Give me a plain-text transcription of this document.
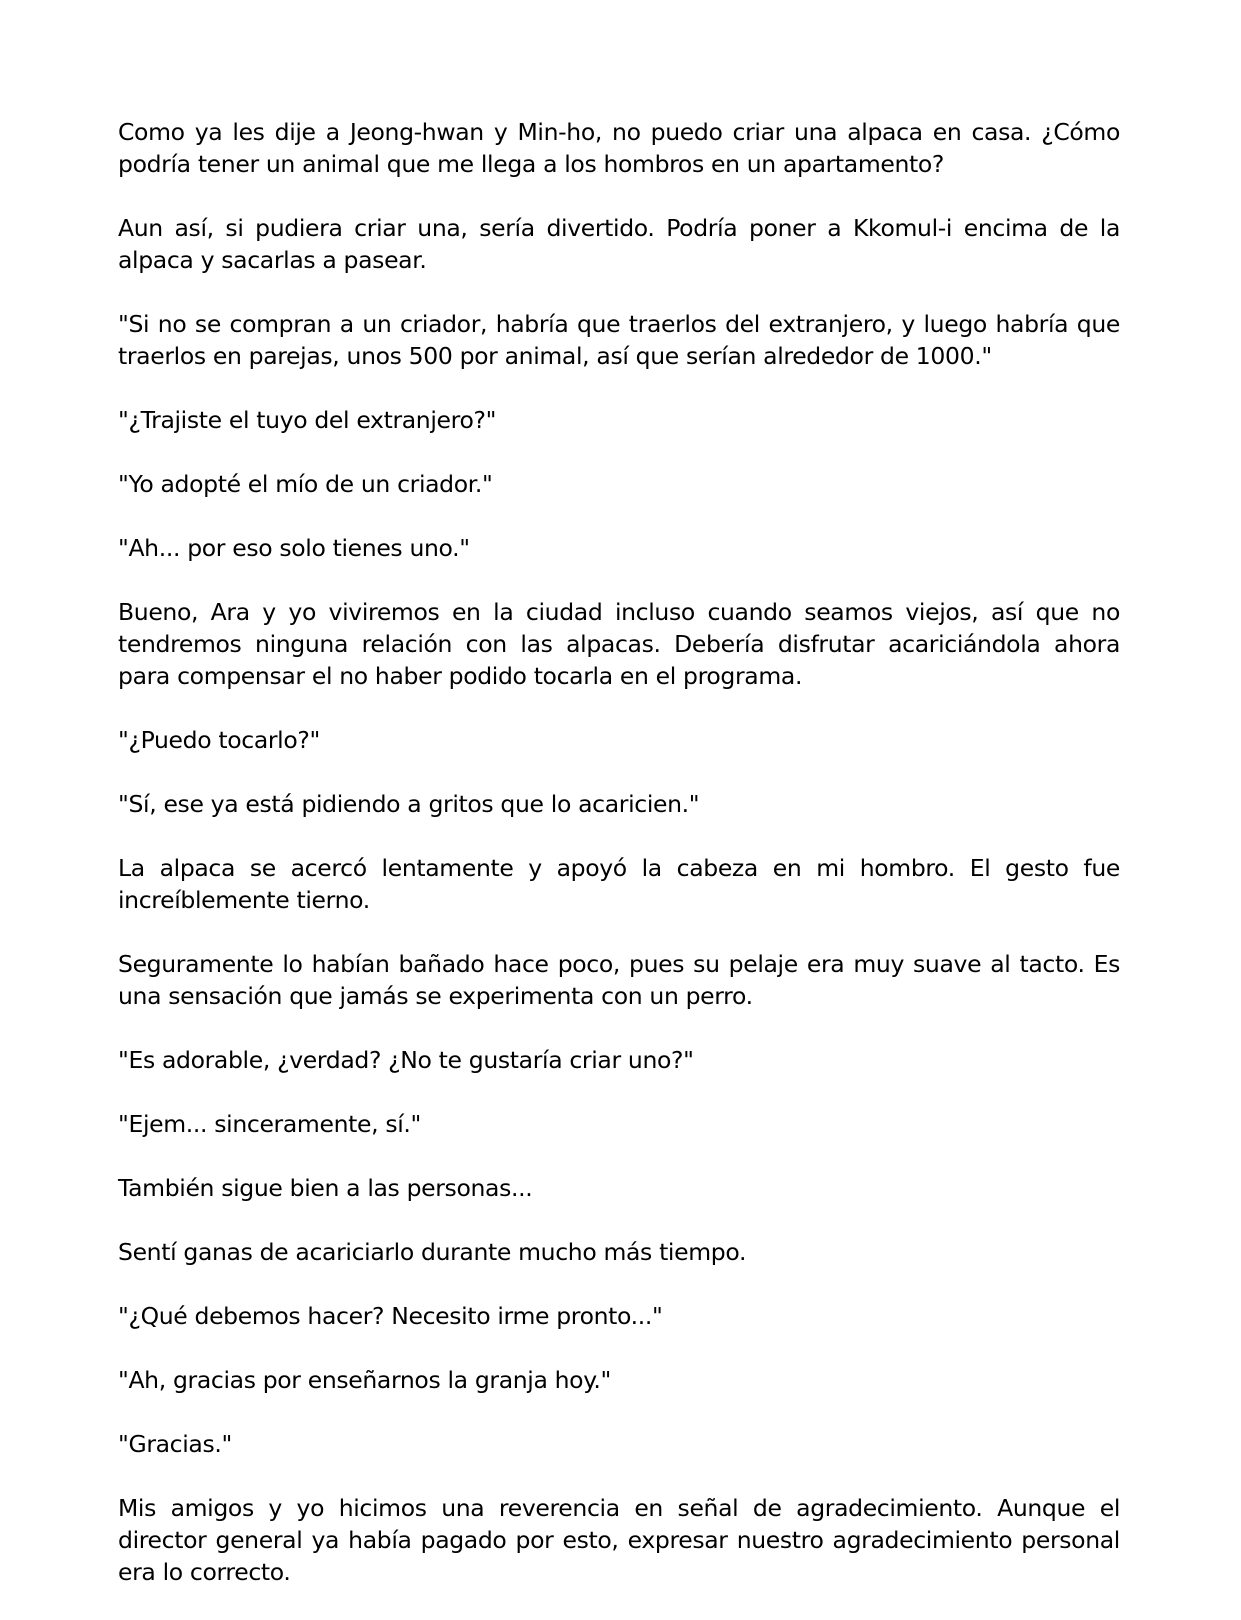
Como ya les dije a Jeong-hwan y Min-ho, no puedo criar una alpaca en casa. ¿Cómo podría tener un animal que me llega a los hombros en un apartamento?

Aun así, si pudiera criar una, sería divertido. Podría poner a Kkomul-i encima de la alpaca y sacarlas a pasear.

"Si no se compran a un criador, habría que traerlos del extranjero, y luego habría que traerlos en parejas, unos 500 por animal, así que serían alrededor de 1000."

"¿Trajiste el tuyo del extranjero?"

"Yo adopté el mío de un criador."

"Ah... por eso solo tienes uno."

Bueno, Ara y yo viviremos en la ciudad incluso cuando seamos viejos, así que no tendremos ninguna relación con las alpacas. Debería disfrutar acariciándola ahora para compensar el no haber podido tocarla en el programa.

"¿Puedo tocarlo?"

"Sí, ese ya está pidiendo a gritos que lo acaricien."

La alpaca se acercó lentamente y apoyó la cabeza en mi hombro. El gesto fue increíblemente tierno.

Seguramente lo habían bañado hace poco, pues su pelaje era muy suave al tacto. Es una sensación que jamás se experimenta con un perro.

"Es adorable, ¿verdad? ¿No te gustaría criar uno?"

"Ejem... sinceramente, sí."

También sigue bien a las personas...

Sentí ganas de acariciarlo durante mucho más tiempo.

"¿Qué debemos hacer? Necesito irme pronto..."

"Ah, gracias por enseñarnos la granja hoy."

"Gracias."

Mis amigos y yo hicimos una reverencia en señal de agradecimiento. Aunque el director general ya había pagado por esto, expresar nuestro agradecimiento personal era lo correcto.
